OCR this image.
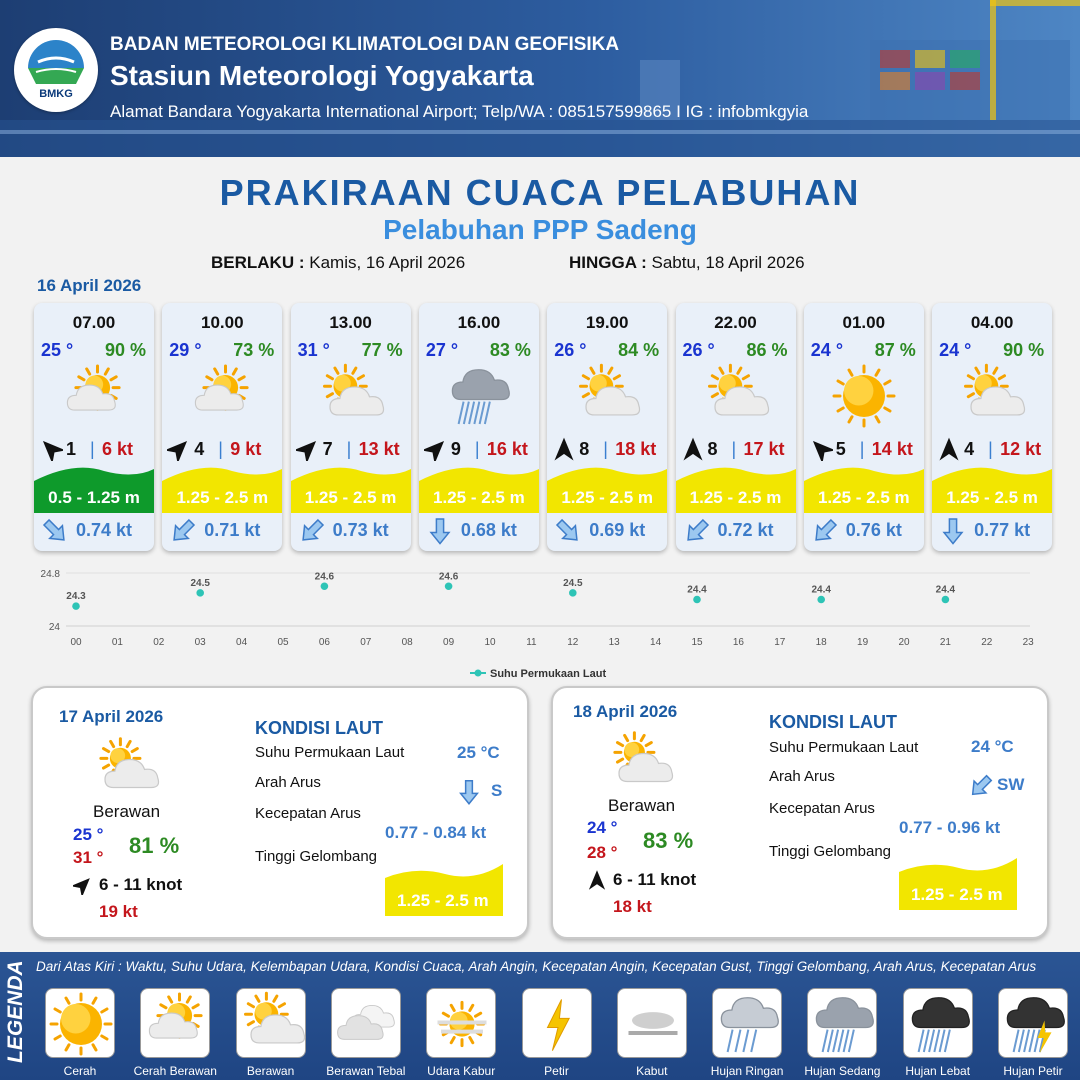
BMKG
BADAN METEOROLOGI KLIMATOLOGI DAN GEOFISIKA
Stasiun Meteorologi Yogyakarta
Alamat Bandara Yogyakarta International Airport; Telp/WA : 085157599865 I IG : infobmkgyia
PRAKIRAAN CUACA PELABUHAN
Pelabuhan PPP Sadeng
BERLAKU : Kamis, 16 April 2026	HINGGA : Sabtu, 18 April 2026
16 April 2026
07.00
25 ° 90 %
1 | 6 kt
0.5 - 1.25 m
0.74 kt
10.00
29 ° 73 %
4 | 9 kt
1.25 - 2.5 m
0.71 kt
13.00
31 ° 77 %
7 | 13 kt
1.25 - 2.5 m
0.73 kt
16.00
27 ° 83 %
9 | 16 kt
1.25 - 2.5 m
0.68 kt
19.00
26 ° 84 %
8 | 18 kt
1.25 - 2.5 m
0.69 kt
22.00
26 ° 86 %
8 | 17 kt
1.25 - 2.5 m
0.72 kt
01.00
24 ° 87 %
5 | 14 kt
1.25 - 2.5 m
0.76 kt
04.00
24 ° 90 %
4 | 12 kt
1.25 - 2.5 m
0.77 kt
24.8
24
00	01	02	03	04	05	06	07	08	09	10	11	12	13	14	15	16	17	18	19	20	21	22	23
24.3
24.5
24.6	24.6
24.5
24.4	24.4	24.4
Suhu Permukaan Laut
17 April 2026
Berawan
25 °
31 ° 81 %
6 - 11 knot
19 kt
KONDISI LAUT
Suhu Permukaan Laut	25 °C
Arah Arus	S
Kecepatan Arus
0.77 - 0.84 kt
Tinggi Gelombang
1.25 - 2.5 m
18 April 2026
Berawan
24 °
28 ° 83 %
6 - 11 knot
18 kt
KONDISI LAUT
Suhu Permukaan Laut	24 °C
Arah Arus	SW
Kecepatan Arus
0.77 - 0.96 kt
Tinggi Gelombang
1.25 - 2.5 m
LEGENDA Dari Atas Kiri : Waktu, Suhu Udara, Kelembapan Udara, Kondisi Cuaca, Arah Angin, Kecepatan Angin, Kecepatan Gust, Tinggi Gelombang, Arah Arus, Kecepatan Arus
Cerah	Cerah Berawan	Berawan	Berawan Tebal	Udara Kabur	Petir	Kabut	Hujan Ringan	Hujan Sedang	Hujan Lebat	Hujan Petir
